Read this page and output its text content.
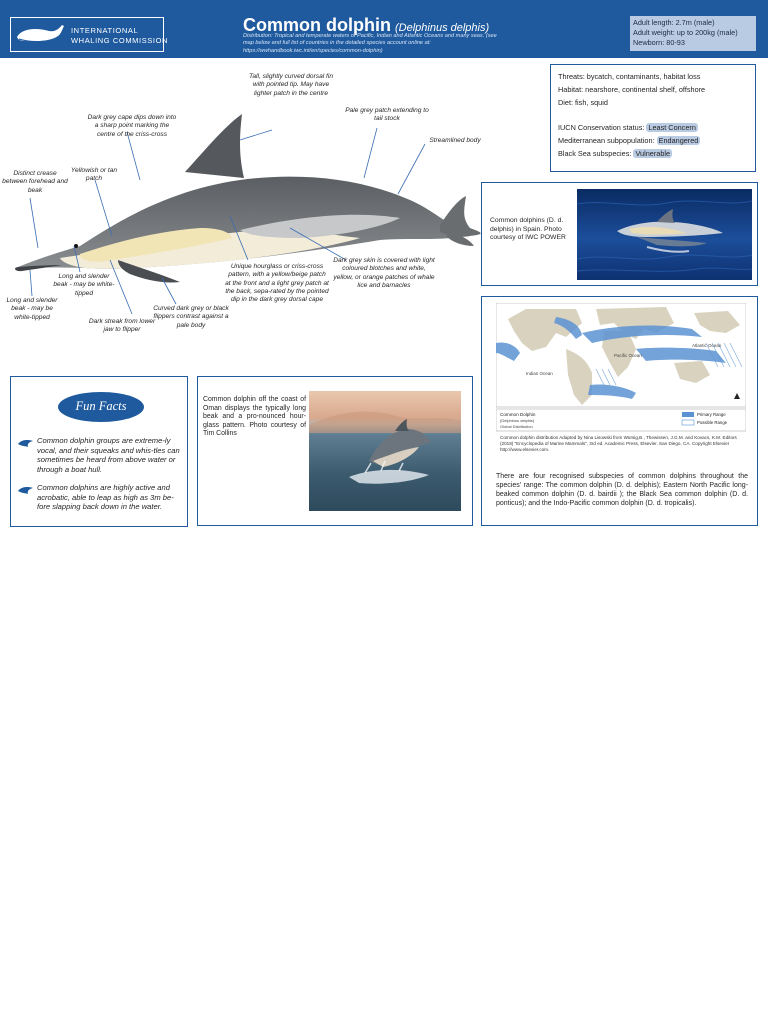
INTERNATIONAL
WHALING COMMISSION
Common dolphin (Delphinus delphis)
Distribution: Tropical and temperate waters of Pacific, Indian and Atlantic Oceans and many seas. (see map below and full list of countries in the detailed species account online at: https://wwhandbook.iwc.int/en/species/common-dolphin)
Adult length: 2.7m (male)
Adult weight: up to 200kg (male)
Newborn: 80-93
Tall, slightly curved dorsal fin with pointed tip. May have lighter patch in the centre
Dark grey cape dips down into a sharp point marking the centre of the criss-cross
Pale grey patch extending to tail stock
Streamlined body
Distinct crease between forehead and beak
Yellowish or tan patch
Long and slender beak - may be white-tipped
Long and slender beak - may be white-tipped
Dark streak from lower jaw to flipper
Curved dark grey or black flippers contrast against a pale body
Unique hourglass or criss-cross pattern, with a yellow/beige patch at the front and a light grey patch at the back, sepa-rated by the pointed dip in the dark grey dorsal cape
Dark grey skin is covered with light coloured blotches and white, yellow, or orange patches of whale lice and barnacles
Threats: bycatch, contaminants, habitat loss
Habitat: nearshore, continental shelf, offshore
Diet: fish, squid
IUCN Conservation status: Least Concern
Mediterranean subpopulation: Endangered
Black Sea subspecies: Vulnerable
Common dolphins (D. d. delphis) in Spain. Photo courtesy of IWC POWER
Pacific Ocean
Atlantic Ocean
Indian Ocean
Common Dolphin
(Delphinus delphis)
Global Distribution
Primary Range
Possible Range
Common dolphin distribution Adapted by Nina Lisowski from Würsig,B., Thewissen, J.G.M. and Kovacs, K.M. Editors (2018) "Encyclopedia of Marine Mammals", 3rd ed. Academic Press, Elsevier. San Diego, CA. Copyright Elsevier http://www.elsevier.com.
There are four recognised subspecies of common dolphins throughout the species' range: The common dolphin (D. d. delphis); Eastern North Pacific long-beaked common dolphin (D. d. bairdii ); the Black Sea common dolphin (D. d. ponticus); and the Indo-Pacific common dolphin (D. d. tropicalis).
Fun Facts
Common dolphin groups are extreme-ly vocal, and their squeaks and whis-tles can sometimes be heard from above water or through a boat hull.
Common dolphins are highly active and acrobatic, able to leap as high as 3m be-fore slapping back down in the water.
Common dolphin off the coast of Oman displays the typically long beak and a pro-nounced hour-glass pattern. Photo courtesy of Tim Collins
